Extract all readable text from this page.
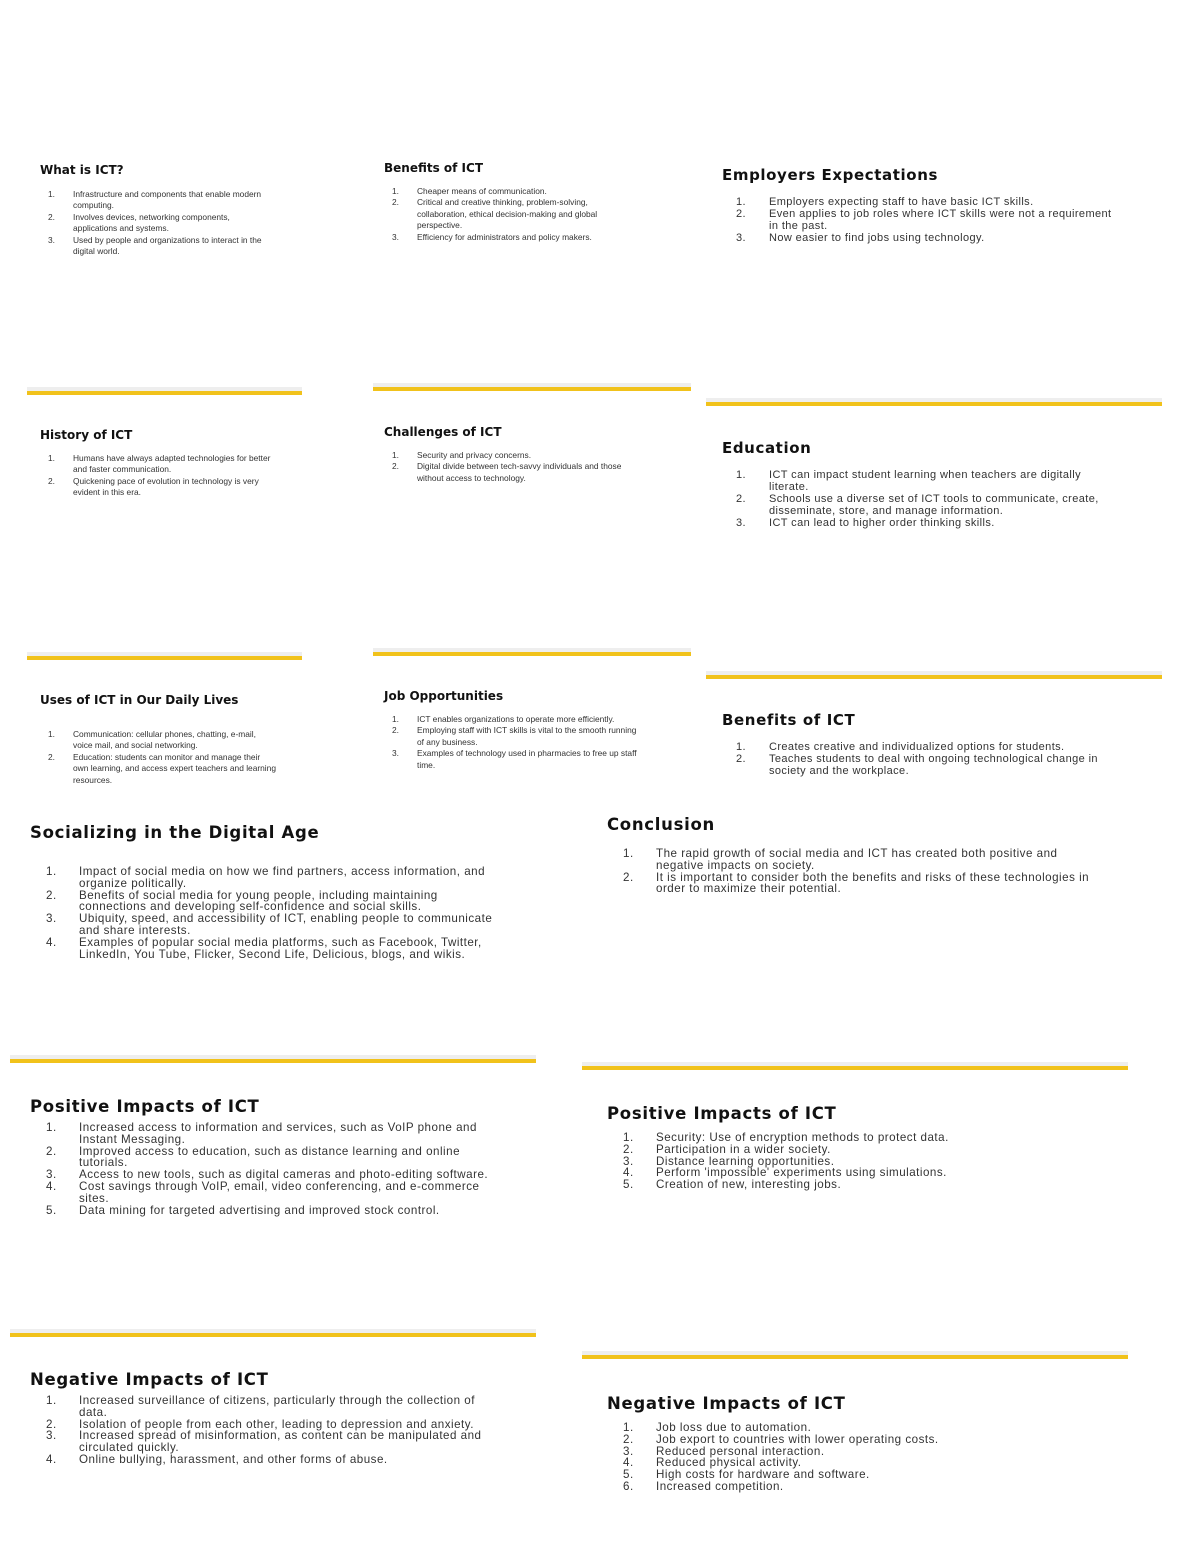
What is ICT?
1. Infrastructure and components that enable modern computing.
2. Involves devices, networking components, applications and systems.
3. Used by people and organizations to interact in the digital world.
Benefits of ICT
1. Cheaper means of communication.
2. Critical and creative thinking, problem-solving, collaboration, ethical decision-making and global perspective.
3. Efficiency for administrators and policy makers.
Employers Expectations
1. Employers expecting staff to have basic ICT skills.
2. Even applies to job roles where ICT skills were not a requirement in the past.
3. Now easier to find jobs using technology.
History of ICT
1. Humans have always adapted technologies for better and faster communication.
2. Quickening pace of evolution in technology is very evident in this era.
Challenges of ICT
1. Security and privacy concerns.
2. Digital divide between tech-savvy individuals and those without access to technology.
Education
1. ICT can impact student learning when teachers are digitally literate.
2. Schools use a diverse set of ICT tools to communicate, create, disseminate, store, and manage information.
3. ICT can lead to higher order thinking skills.
Uses of ICT in Our Daily Lives
1. Communication: cellular phones, chatting, e-mail, voice mail, and social networking.
2. Education: students can monitor and manage their own learning, and access expert teachers and learning resources.
Job Opportunities
1. ICT enables organizations to operate more efficiently.
2. Employing staff with ICT skills is vital to the smooth running of any business.
3. Examples of technology used in pharmacies to free up staff time.
Benefits of ICT
1. Creates creative and individualized options for students.
2. Teaches students to deal with ongoing technological change in society and the workplace.
Socializing in the Digital Age
1. Impact of social media on how we find partners, access information, and organize politically.
2. Benefits of social media for young people, including maintaining connections and developing self-confidence and social skills.
3. Ubiquity, speed, and accessibility of ICT, enabling people to communicate and share interests.
4. Examples of popular social media platforms, such as Facebook, Twitter, LinkedIn, You Tube, Flicker, Second Life, Delicious, blogs, and wikis.
Conclusion
1. The rapid growth of social media and ICT has created both positive and negative impacts on society.
2. It is important to consider both the benefits and risks of these technologies in order to maximize their potential.
Positive Impacts of ICT
1. Increased access to information and services, such as VoIP phone and Instant Messaging.
2. Improved access to education, such as distance learning and online tutorials.
3. Access to new tools, such as digital cameras and photo-editing software.
4. Cost savings through VoIP, email, video conferencing, and e-commerce sites.
5. Data mining for targeted advertising and improved stock control.
Positive Impacts of ICT
1. Security: Use of encryption methods to protect data.
2. Participation in a wider society.
3. Distance learning opportunities.
4. Perform 'impossible' experiments using simulations.
5. Creation of new, interesting jobs.
Negative Impacts of ICT
1. Increased surveillance of citizens, particularly through the collection of data.
2. Isolation of people from each other, leading to depression and anxiety.
3. Increased spread of misinformation, as content can be manipulated and circulated quickly.
4. Online bullying, harassment, and other forms of abuse.
Negative Impacts of ICT
1. Job loss due to automation.
2. Job export to countries with lower operating costs.
3. Reduced personal interaction.
4. Reduced physical activity.
5. High costs for hardware and software.
6. Increased competition.
